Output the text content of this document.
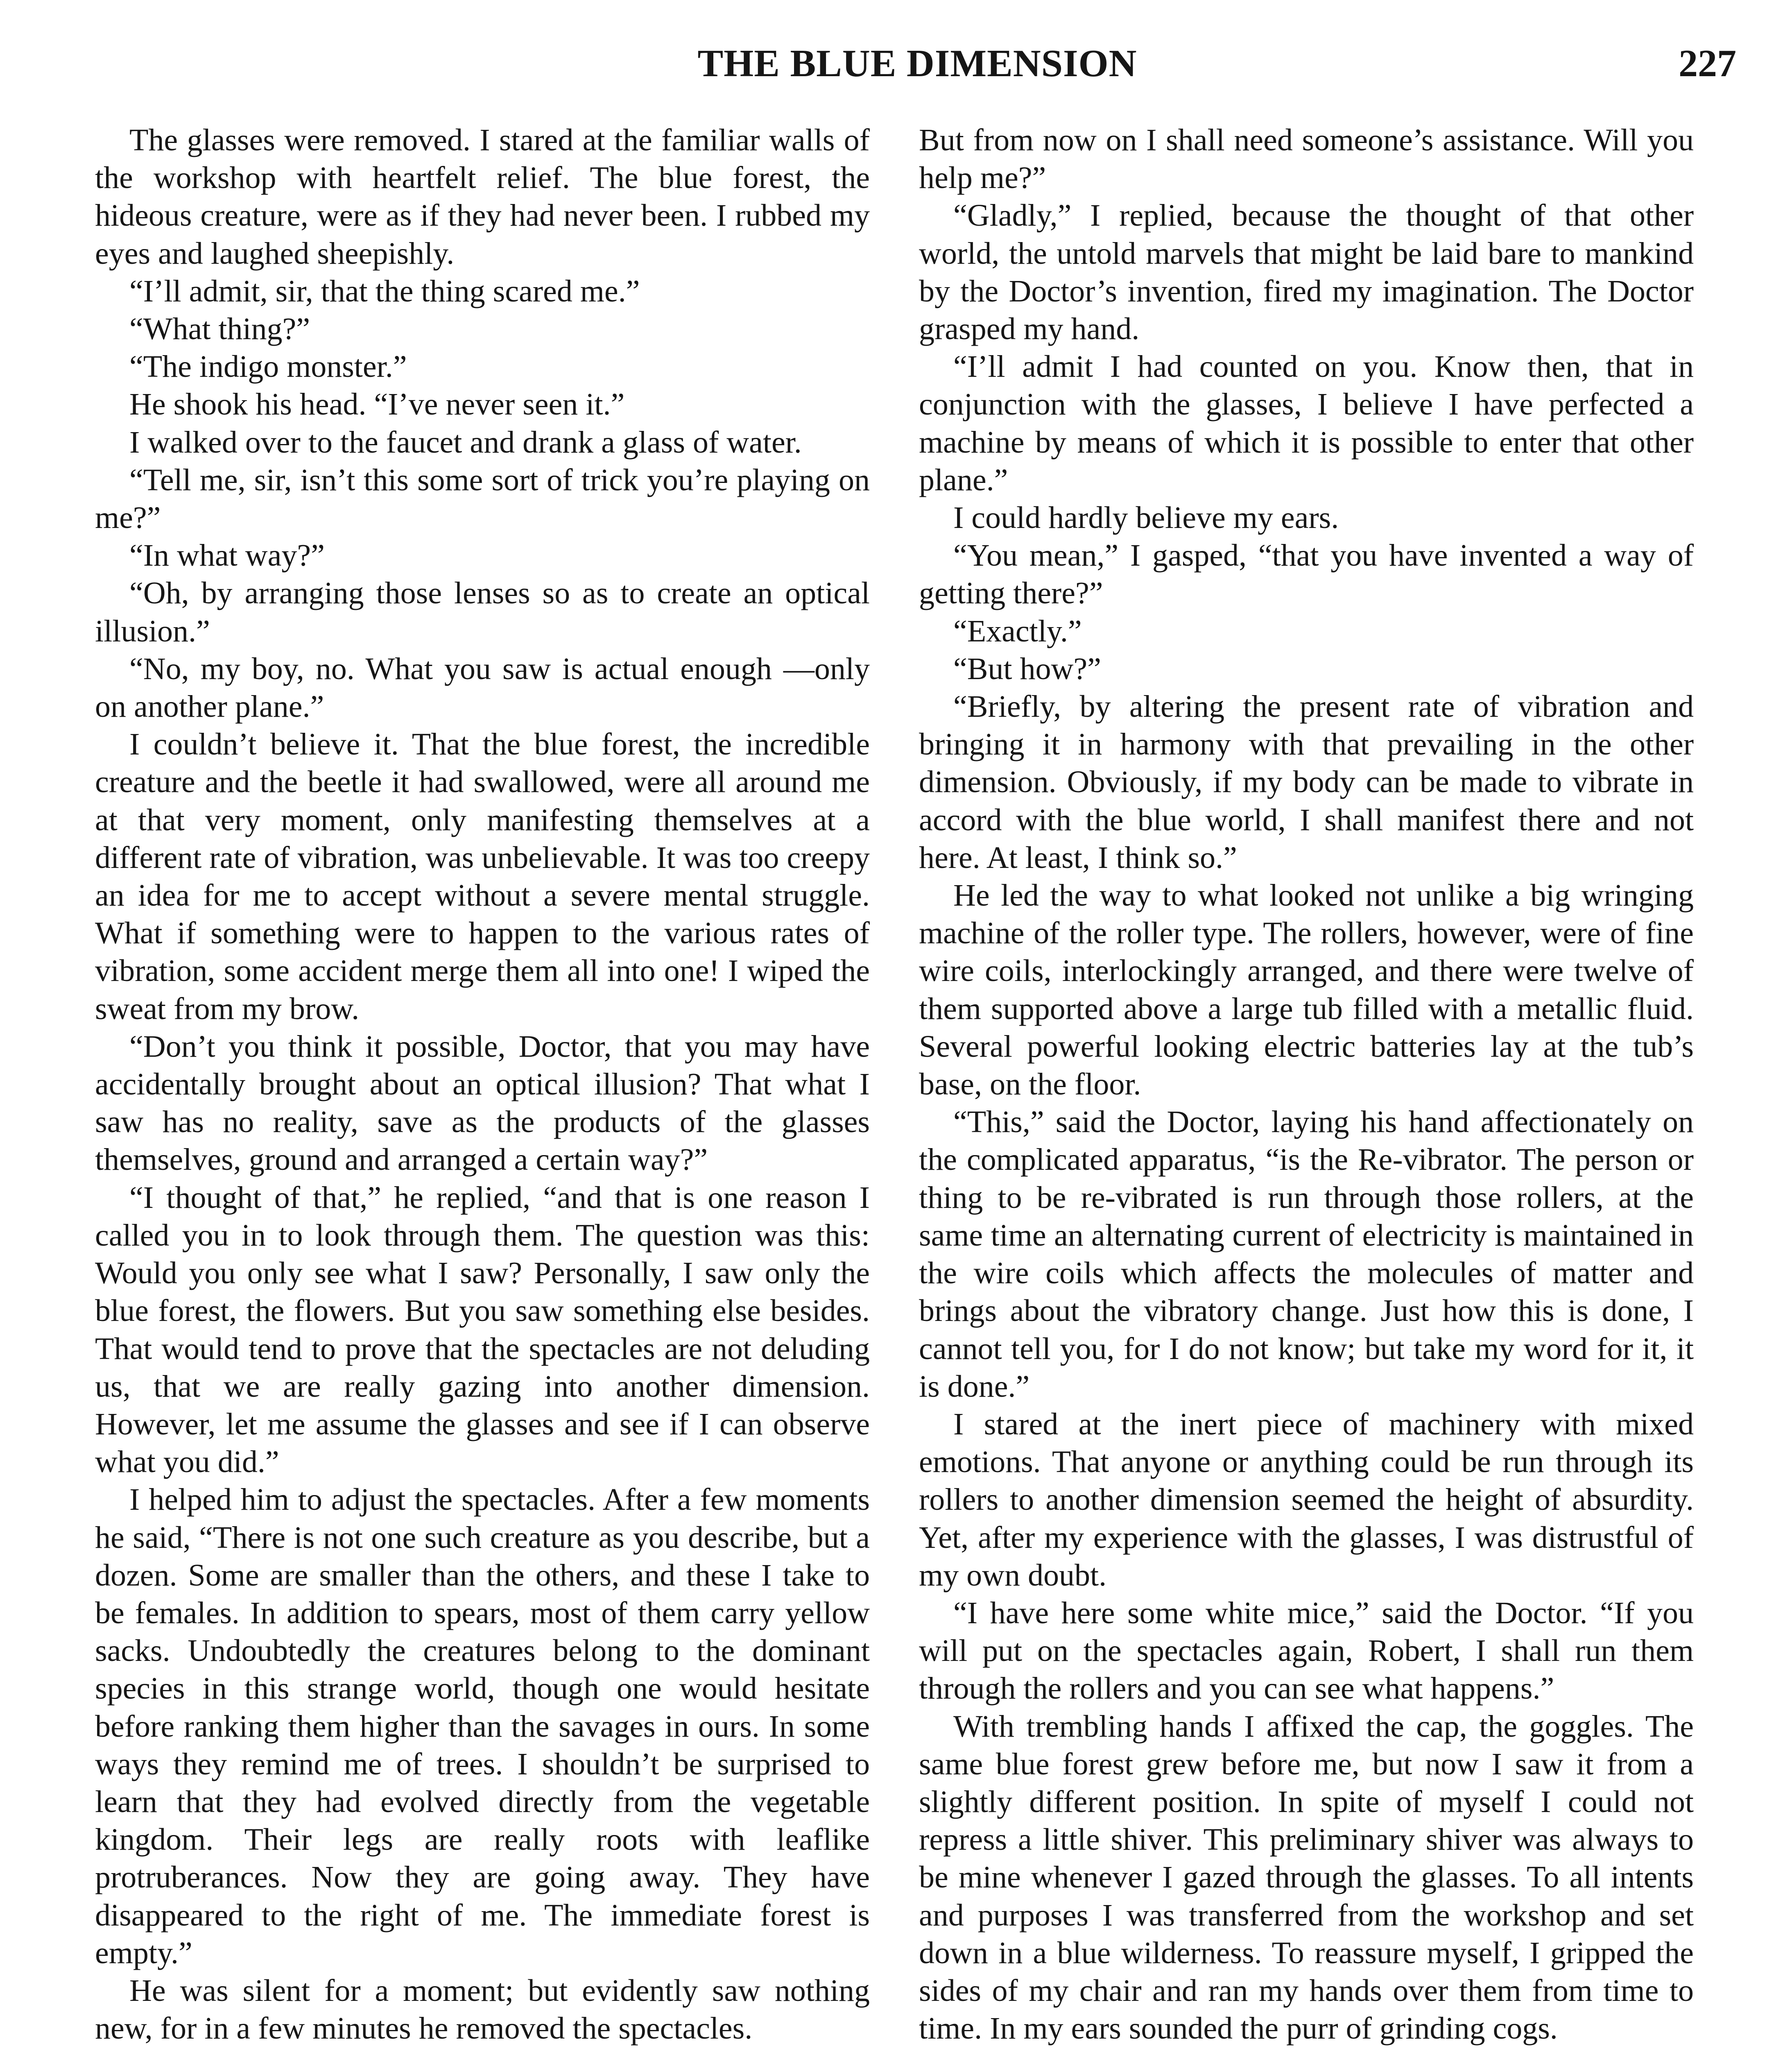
THE BLUE DIMENSION	227

The glasses were removed. I stared at the familiar walls of the workshop with heartfelt relief. The blue forest, the hideous creature, were as if they had never been. I rubbed my eyes and laughed sheepishly.

“I’ll admit, sir, that the thing scared me.”

“What thing?”

“The indigo monster.”

He shook his head. “I’ve never seen it.”

I walked over to the faucet and drank a glass of water.

“Tell me, sir, isn’t this some sort of trick you’re playing on me?”

“In what way?”

“Oh, by arranging those lenses so as to create an optical illusion.”

“No, my boy, no. What you saw is actual enough —only on another plane.”

I couldn’t believe it. That the blue forest, the incredible creature and the beetle it had swallowed, were all around me at that very moment, only manifesting themselves at a different rate of vibration, was unbelievable. It was too creepy an idea for me to accept without a severe mental struggle. What if something were to happen to the various rates of vibration, some accident merge them all into one! I wiped the sweat from my brow.

“Don’t you think it possible, Doctor, that you may have accidentally brought about an optical illusion? That what I saw has no reality, save as the products of the glasses themselves, ground and arranged a certain way?”

“I thought of that,” he replied, “and that is one reason I called you in to look through them. The question was this: Would you only see what I saw? Personally, I saw only the blue forest, the flowers. But you saw something else besides. That would tend to prove that the spectacles are not deluding us, that we are really gazing into another dimension. However, let me assume the glasses and see if I can observe what you did.”

I helped him to adjust the spectacles. After a few moments he said, “There is not one such creature as you describe, but a dozen. Some are smaller than the others, and these I take to be females. In addition to spears, most of them carry yellow sacks. Undoubtedly the creatures belong to the dominant species in this strange world, though one would hesitate before ranking them higher than the savages in ours. In some ways they remind me of trees. I shouldn’t be surprised to learn that they had evolved directly from the vegetable kingdom. Their legs are really roots with leaflike protruberances. Now they are going away. They have disappeared to the right of me. The immediate forest is empty.”

He was silent for a moment; but evidently saw nothing new, for in a few minutes he removed the spectacles.

But from now on I shall need someone’s assistance. Will you help me?”

“Gladly,” I replied, because the thought of that other world, the untold marvels that might be laid bare to mankind by the Doctor’s invention, fired my imagination. The Doctor grasped my hand.

“I’ll admit I had counted on you. Know then, that in conjunction with the glasses, I believe I have perfected a machine by means of which it is possible to enter that other plane.”

I could hardly believe my ears.

“You mean,” I gasped, “that you have invented a way of getting there?”

“Exactly.”

“But how?”

“Briefly, by altering the present rate of vibration and bringing it in harmony with that prevailing in the other dimension. Obviously, if my body can be made to vibrate in accord with the blue world, I shall manifest there and not here. At least, I think so.”

He led the way to what looked not unlike a big wringing machine of the roller type. The rollers, however, were of fine wire coils, interlockingly arranged, and there were twelve of them supported above a large tub filled with a metallic fluid. Several powerful looking electric batteries lay at the tub’s base, on the floor.

“This,” said the Doctor, laying his hand affectionately on the complicated apparatus, “is the Re-vibrator. The person or thing to be re-vibrated is run through those rollers, at the same time an alternating current of electricity is maintained in the wire coils which affects the molecules of matter and brings about the vibratory change. Just how this is done, I cannot tell you, for I do not know; but take my word for it, it is done.”

I stared at the inert piece of machinery with mixed emotions. That anyone or anything could be run through its rollers to another dimension seemed the height of absurdity. Yet, after my experience with the glasses, I was distrustful of my own doubt.

“I have here some white mice,” said the Doctor. “If you will put on the spectacles again, Robert, I shall run them through the rollers and you can see what happens.”

With trembling hands I affixed the cap, the goggles. The same blue forest grew before me, but now I saw it from a slightly different position. In spite of myself I could not repress a little shiver. This preliminary shiver was always to be mine whenever I gazed through the glasses. To all intents and purposes I was transferred from the workshop and set down in a blue wilderness. To reassure myself, I gripped the sides of my chair and ran my hands over them from time to time. In my ears sounded the purr of grinding cogs.
